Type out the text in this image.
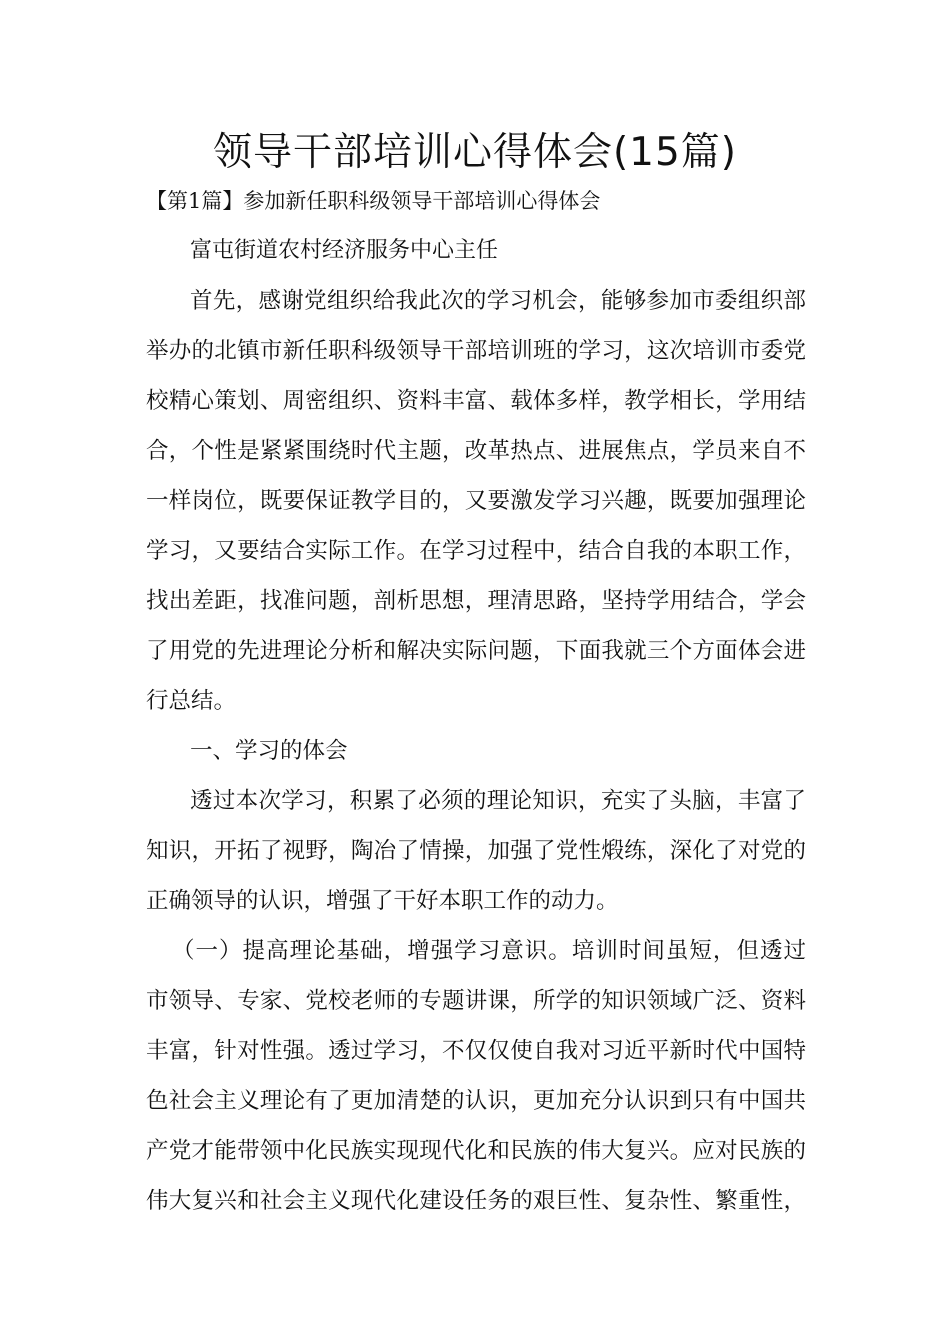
领导干部培训心得体会(15篇)
【第1篇】参加新任职科级领导干部培训心得体会
富屯街道农村经济服务中心主任
首先，感谢党组织给我此次的学习机会，能够参加市委组织部
举办的北镇市新任职科级领导干部培训班的学习，这次培训市委党
校精心策划、周密组织、资料丰富、载体多样，教学相长，学用结
合，个性是紧紧围绕时代主题，改革热点、进展焦点，学员来自不
一样岗位，既要保证教学目的，又要激发学习兴趣，既要加强理论
学习，又要结合实际工作。在学习过程中，结合自我的本职工作，
找出差距，找准问题，剖析思想，理清思路，坚持学用结合，学会
了用党的先进理论分析和解决实际问题，下面我就三个方面体会进
行总结。
一、学习的体会
透过本次学习，积累了必须的理论知识，充实了头脑，丰富了
知识，开拓了视野，陶冶了情操，加强了党性煅练，深化了对党的
正确领导的认识，增强了干好本职工作的动力。
（一）提高理论基础，增强学习意识。培训时间虽短，但透过
市领导、专家、党校老师的专题讲课，所学的知识领域广泛、资料
丰富，针对性强。透过学习，不仅仅使自我对习近平新时代中国特
色社会主义理论有了更加清楚的认识，更加充分认识到只有中国共
产党才能带领中化民族实现现代化和民族的伟大复兴。应对民族的
伟大复兴和社会主义现代化建设任务的艰巨性、复杂性、繁重性，
